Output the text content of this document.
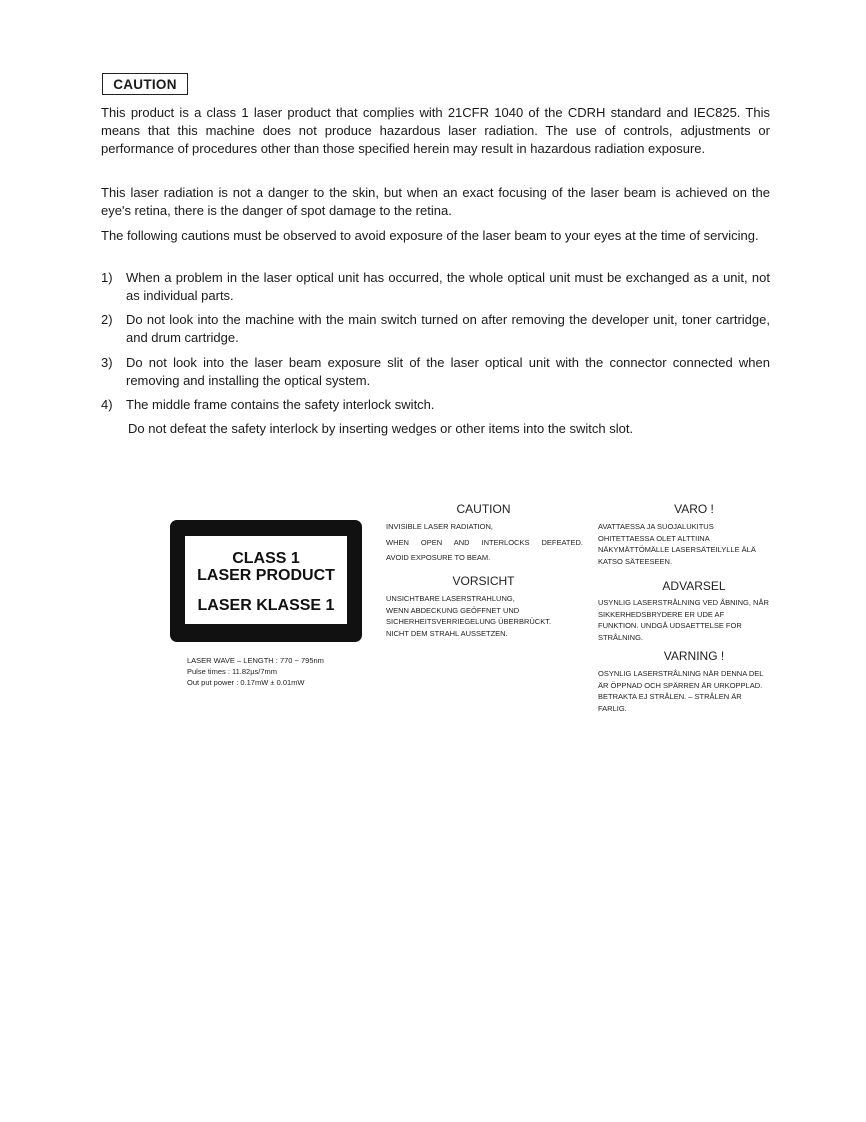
CAUTION

This product is a class 1 laser product that complies with 21CFR 1040 of the CDRH standard and IEC825. This means that this machine does not produce hazardous laser radiation. The use of controls, adjustments or performance of procedures other than those specified herein may result in hazardous radiation exposure.

This laser radiation is not a danger to the skin, but when an exact focusing of the laser beam is achieved on the eye's retina, there is the danger of spot damage to the retina.

The following cautions must be observed to avoid exposure of the laser beam to your eyes at the time of servicing.

1) When a problem in the laser optical unit has occurred, the whole optical unit must be exchanged as a unit, not as individual parts.
2) Do not look into the machine with the main switch turned on after removing the developer unit, toner cartridge, and drum cartridge.
3) Do not look into the laser beam exposure slit of the laser optical unit with the connector connected when removing and installing the optical system.
4) The middle frame contains the safety interlock switch.

Do not defeat the safety interlock by inserting wedges or other items into the switch slot.

CLASS 1
LASER PRODUCT
LASER KLASSE 1
LASER WAVE – LENGTH : 770 ~ 795nm
Pulse times : 11.82µs/7mm
Out put power : 0.17mW ± 0.01mW
CAUTION
INVISIBLE LASER RADIATION,
WHEN OPEN AND INTERLOCKS DEFEATED.
AVOID EXPOSURE TO BEAM.
VORSICHT
UNSICHTBARE LASERSTRAHLUNG,
WENN ABDECKUNG GEÖFFNET UND
SICHERHEITSVERRIEGELUNG ÜBERBRÜCKT.
NICHT DEM STRAHL AUSSETZEN.
VARO !
AVATTAESSA JA SUOJALUKITUS
OHITETTAESSA OLET ALTTIINA
NÄKYMÄTTÖMÄLLE LASERSÄTEILYLLE ÄLÄ
KATSO SÄTEESEEN.
ADVARSEL
USYNLIG LASERSTRÅLNING VED ÅBNING, NÅR
SIKKERHEDSBRYDERE ER UDE AF
FUNKTION. UNDGÅ UDSAETTELSE FOR
STRÅLNING.
VARNING !
OSYNLIG LASERSTRÅLNING NÄR DENNA DEL
ÄR ÖPPNAD OCH SPÄRREN ÄR URKOPPLAD.
BETRAKTA EJ STRÅLEN. – STRÅLEN ÄR
FARLIG.
